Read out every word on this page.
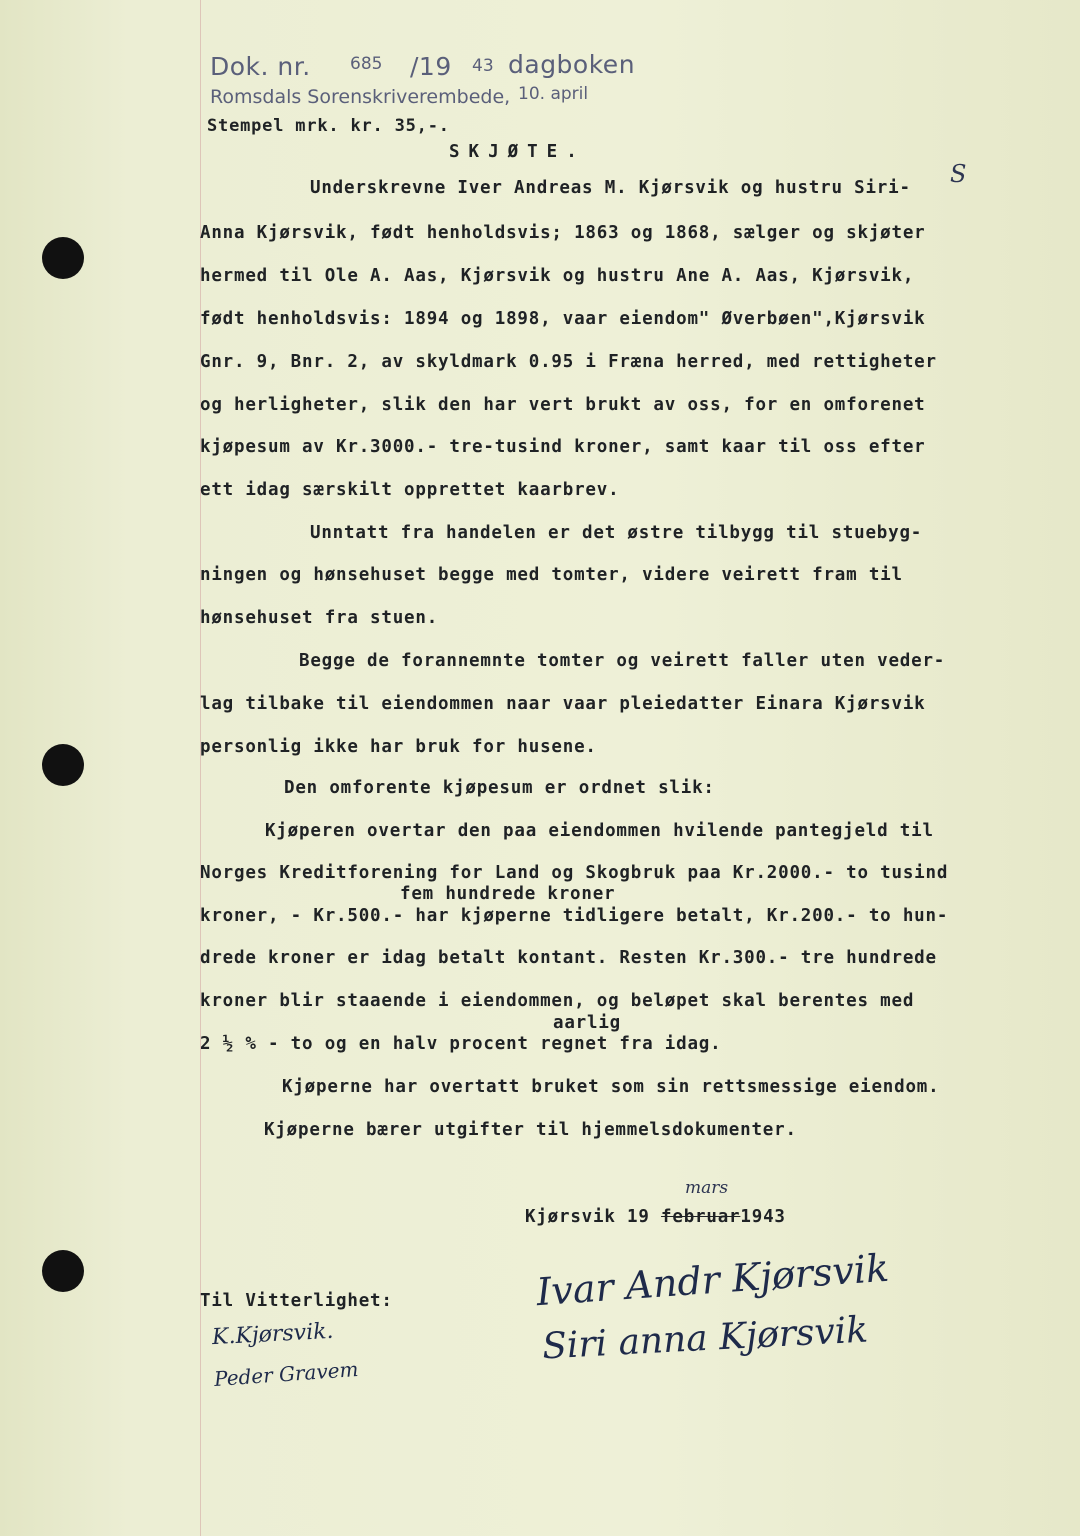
Dok. nr. 685 /19 43 dagboken
Romsdals Sorenskriverembede, 10. april
Stempel mrk. kr. 35,-.
SKJØTE.
Underskrevne Iver Andreas M. Kjørsvik og hustru Siri- S
Anna Kjørsvik, født henholdsvis; 1863 og 1868, sælger og skjøter
hermed til Ole A. Aas, Kjørsvik og hustru Ane A. Aas, Kjørsvik,
født henholdsvis: 1894 og 1898, vaar eiendom" Øverbøen",Kjørsvik
Gnr. 9, Bnr. 2, av skyldmark 0.95 i Fræna herred, med rettigheter
og herligheter, slik den har vert brukt av oss, for en omforenet
kjøpesum av Kr.3000.- tre-tusind kroner, samt kaar til oss efter
ett idag særskilt opprettet kaarbrev.
Unntatt fra handelen er det østre tilbygg til stuebyg-
ningen og hønsehuset begge med tomter, videre veirett fram til
hønsehuset fra stuen.
Begge de forannemnte tomter og veirett faller uten veder-
lag tilbake til eiendommen naar vaar pleiedatter Einara Kjørsvik
personlig ikke har bruk for husene.
Den omforente kjøpesum er ordnet slik:
Kjøperen overtar den paa eiendommen hvilende pantegjeld til
Norges Kreditforening for Land og Skogbruk paa Kr.2000.- to tusind
fem hundrede kroner
kroner, - Kr.500.- har kjøperne tidligere betalt, Kr.200.- to hun-
drede kroner er idag betalt kontant. Resten Kr.300.- tre hundrede
kroner blir staaende i eiendommen, og beløpet skal berentes med
aarlig
2 ½ % - to og en halv procent regnet fra idag.
Kjøperne har overtatt bruket som sin rettsmessige eiendom.
Kjøperne bærer utgifter til hjemmelsdokumenter.
Kjørsvik 19 februar1943
mars
Til Vitterlighet:	Ivar Andr Kjørsvik
Siri anna Kjørsvik
K.Kjørsvik.
Peder Gravem
